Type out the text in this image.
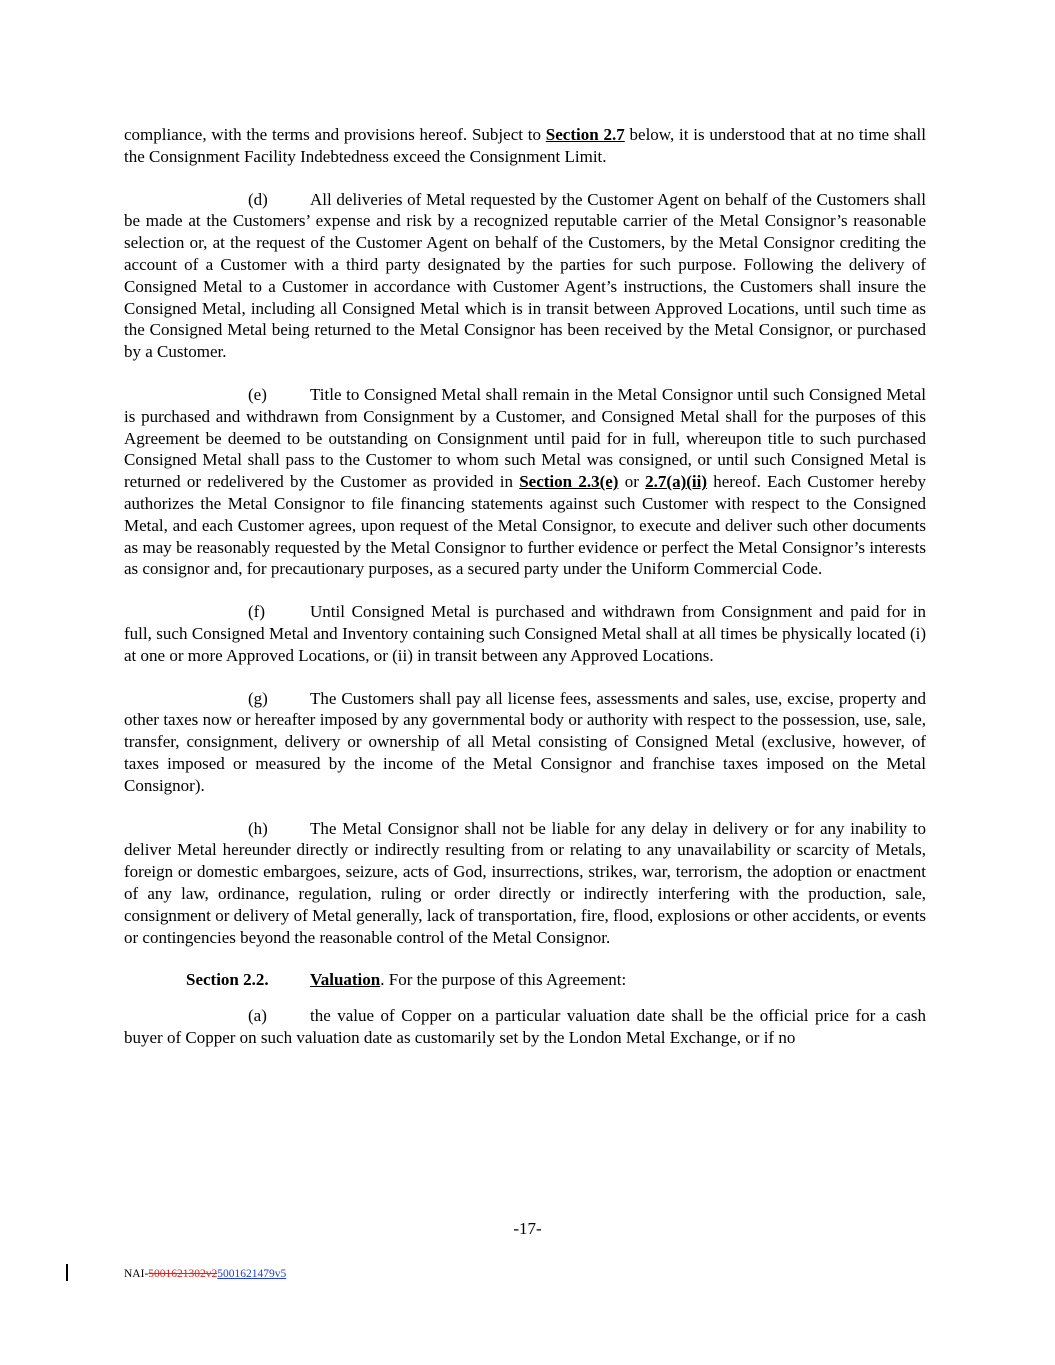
compliance, with the terms and provisions hereof. Subject to Section 2.7 below, it is understood that at no time shall the Consignment Facility Indebtedness exceed the Consignment Limit.

(d) All deliveries of Metal requested by the Customer Agent on behalf of the Customers shall be made at the Customers’ expense and risk by a recognized reputable carrier of the Metal Consignor’s reasonable selection or, at the request of the Customer Agent on behalf of the Customers, by the Metal Consignor crediting the account of a Customer with a third party designated by the parties for such purpose. Following the delivery of Consigned Metal to a Customer in accordance with Customer Agent’s instructions, the Customers shall insure the Consigned Metal, including all Consigned Metal which is in transit between Approved Locations, until such time as the Consigned Metal being returned to the Metal Consignor has been received by the Metal Consignor, or purchased by a Customer.

(e)	Title to Consigned Metal shall remain in the Metal Consignor until such Consigned Metal is purchased and withdrawn from Consignment by a Customer, and Consigned Metal shall for the purposes of this Agreement be deemed to be outstanding on Consignment until paid for in full, whereupon title to such purchased Consigned Metal shall pass to the Customer to whom such Metal was consigned, or until such Consigned Metal is returned or redelivered by the Customer as provided in Section 2.3(e) or 2.7(a)(ii) hereof. Each Customer hereby authorizes the Metal Consignor to file financing statements against such Customer with respect to the Consigned Metal, and each Customer agrees, upon request of the Metal Consignor, to execute and deliver such other documents as may be reasonably requested by the Metal Consignor to further evidence or perfect the Metal Consignor’s interests as consignor and, for precautionary purposes, as a secured party under the Uniform Commercial Code.

(f)	Until Consigned Metal is purchased and withdrawn from Consignment and paid for in full, such Consigned Metal and Inventory containing such Consigned Metal shall at all times be physically located (i) at one or more Approved Locations, or (ii) in transit between any Approved Locations.

(g) The Customers shall pay all license fees, assessments and sales, use, excise, property and other taxes now or hereafter imposed by any governmental body or authority with respect to the possession, use, sale, transfer, consignment, delivery or ownership of all Metal consisting of Consigned Metal (exclusive, however, of taxes imposed or measured by the income of the Metal Consignor and franchise taxes imposed on the Metal Consignor).

(h) The Metal Consignor shall not be liable for any delay in delivery or for any inability to deliver Metal hereunder directly or indirectly resulting from or relating to any unavailability or scarcity of Metals, foreign or domestic embargoes, seizure, acts of God, insurrections, strikes, war, terrorism, the adoption or enactment of any law, ordinance, regulation, ruling or order directly or indirectly interfering with the production, sale, consignment or delivery of Metal generally, lack of transportation, fire, flood, explosions or other accidents, or events or contingencies beyond the reasonable control of the Metal Consignor.

Section 2.2. Valuation. For the purpose of this Agreement:

(a)	the value of Copper on a particular valuation date shall be the official price for a cash buyer of Copper on such valuation date as customarily set by the London Metal Exchange, or if no

-17-
NAI-5001621302v25001621479v5
